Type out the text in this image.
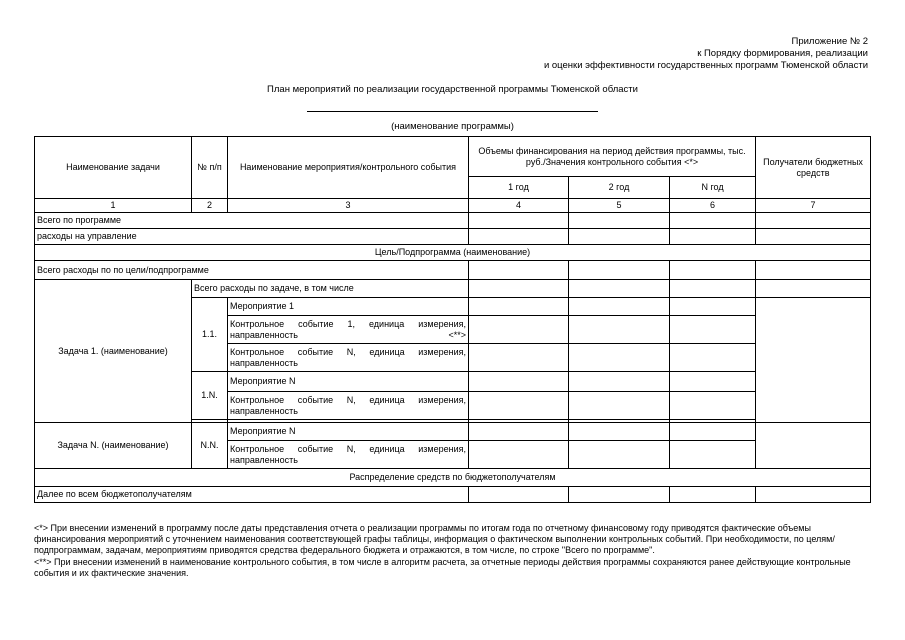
Приложение № 2
к Порядку формирования, реализации
и оценки эффективности государственных программ Тюменской области
План мероприятий по реализации государственной программы Тюменской области
(наименование программы)
Наименование задачи	№ п/п	Наименование мероприятия/контрольного события	Объемы финансирования на период действия программы, тыс. руб./Значения контрольного события <*>			Получатели бюджетных средств
			1 год	2 год	N год	
1	2	3	4	5	6	7
Всего по программе						
расходы на управление						
Цель/Подпрограмма (наименование)						
Всего расходы по по цели/подпрограмме						
Задача 1. (наименование)	Всего расходы по задаче, в том числе					
	1.1.	Мероприятие 1				
		Контрольное событие 1, единица измерения, направленность <**>				
		Контрольное событие N, единица измерения, направленность				
	1.N.	Мероприятие N				
		Контрольное событие N, единица измерения, направленность				

Задача N. (наименование)	N.N.	Мероприятие N				
		Контрольное событие N, единица измерения, направленность				
Распределение средств по бюджетополучателям						
Далее по всем бюджетополучателям						

<*> При внесении изменений в программу после даты представления отчета о реализации программы по итогам года по отчетному финансовому году приводятся фактические объемы финансирования мероприятий с уточнением наименования соответствующей графы таблицы, информация о фактическом выполнении контрольных событий. При необходимости, по целям/подпрограммам, задачам, мероприятиям приводятся средства федерального бюджета и отражаются, в том числе, по строке "Всего по программе".

<**> При внесении изменений в наименование контрольного события, в том числе в алгоритм расчета, за отчетные периоды действия программы сохраняются ранее действующие контрольные события и их фактические значения.
